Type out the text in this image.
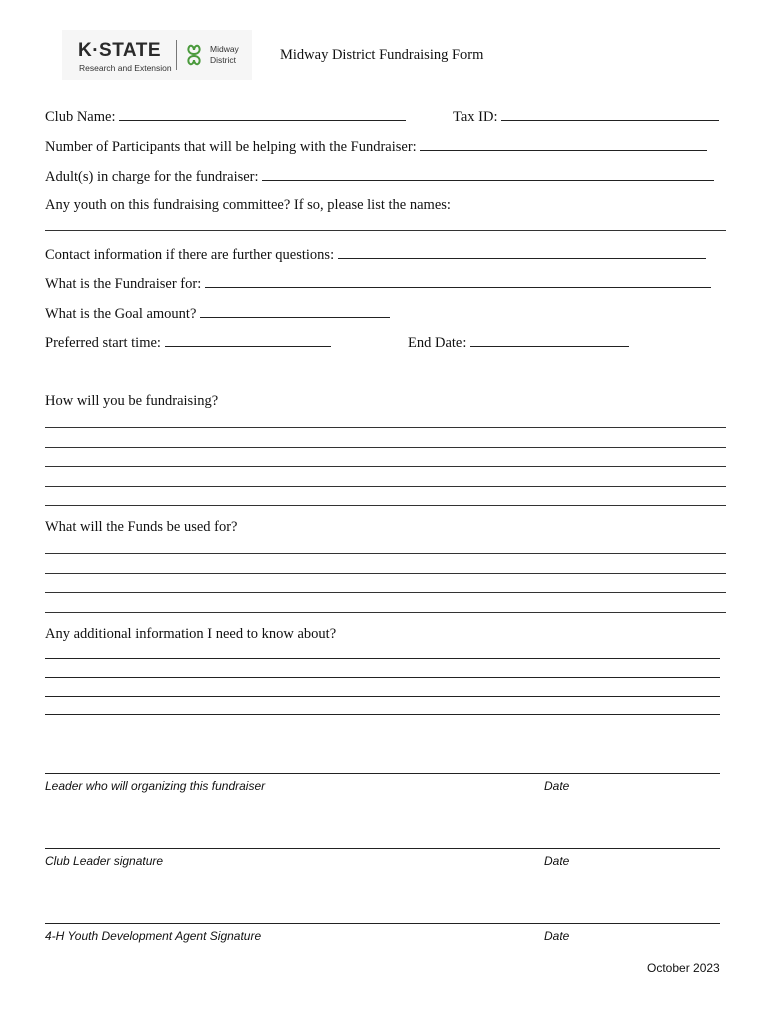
K·STATE
Research and Extension
Midway
District	Midway District Fundraising Form
Club Name:	Tax ID:
Number of Participants that will be helping with the Fundraiser:
Adult(s) in charge for the fundraiser:
Any youth on this fundraising committee? If so, please list the names:
Contact information if there are further questions:
What is the Fundraiser for:
What is the Goal amount?
Preferred start time:	End Date:
How will you be fundraising?
What will the Funds be used for?
Any additional information I need to know about?
Leader who will organizing this fundraiser	Date
Club Leader signature	Date
4-H Youth Development Agent Signature	Date
October 2023
